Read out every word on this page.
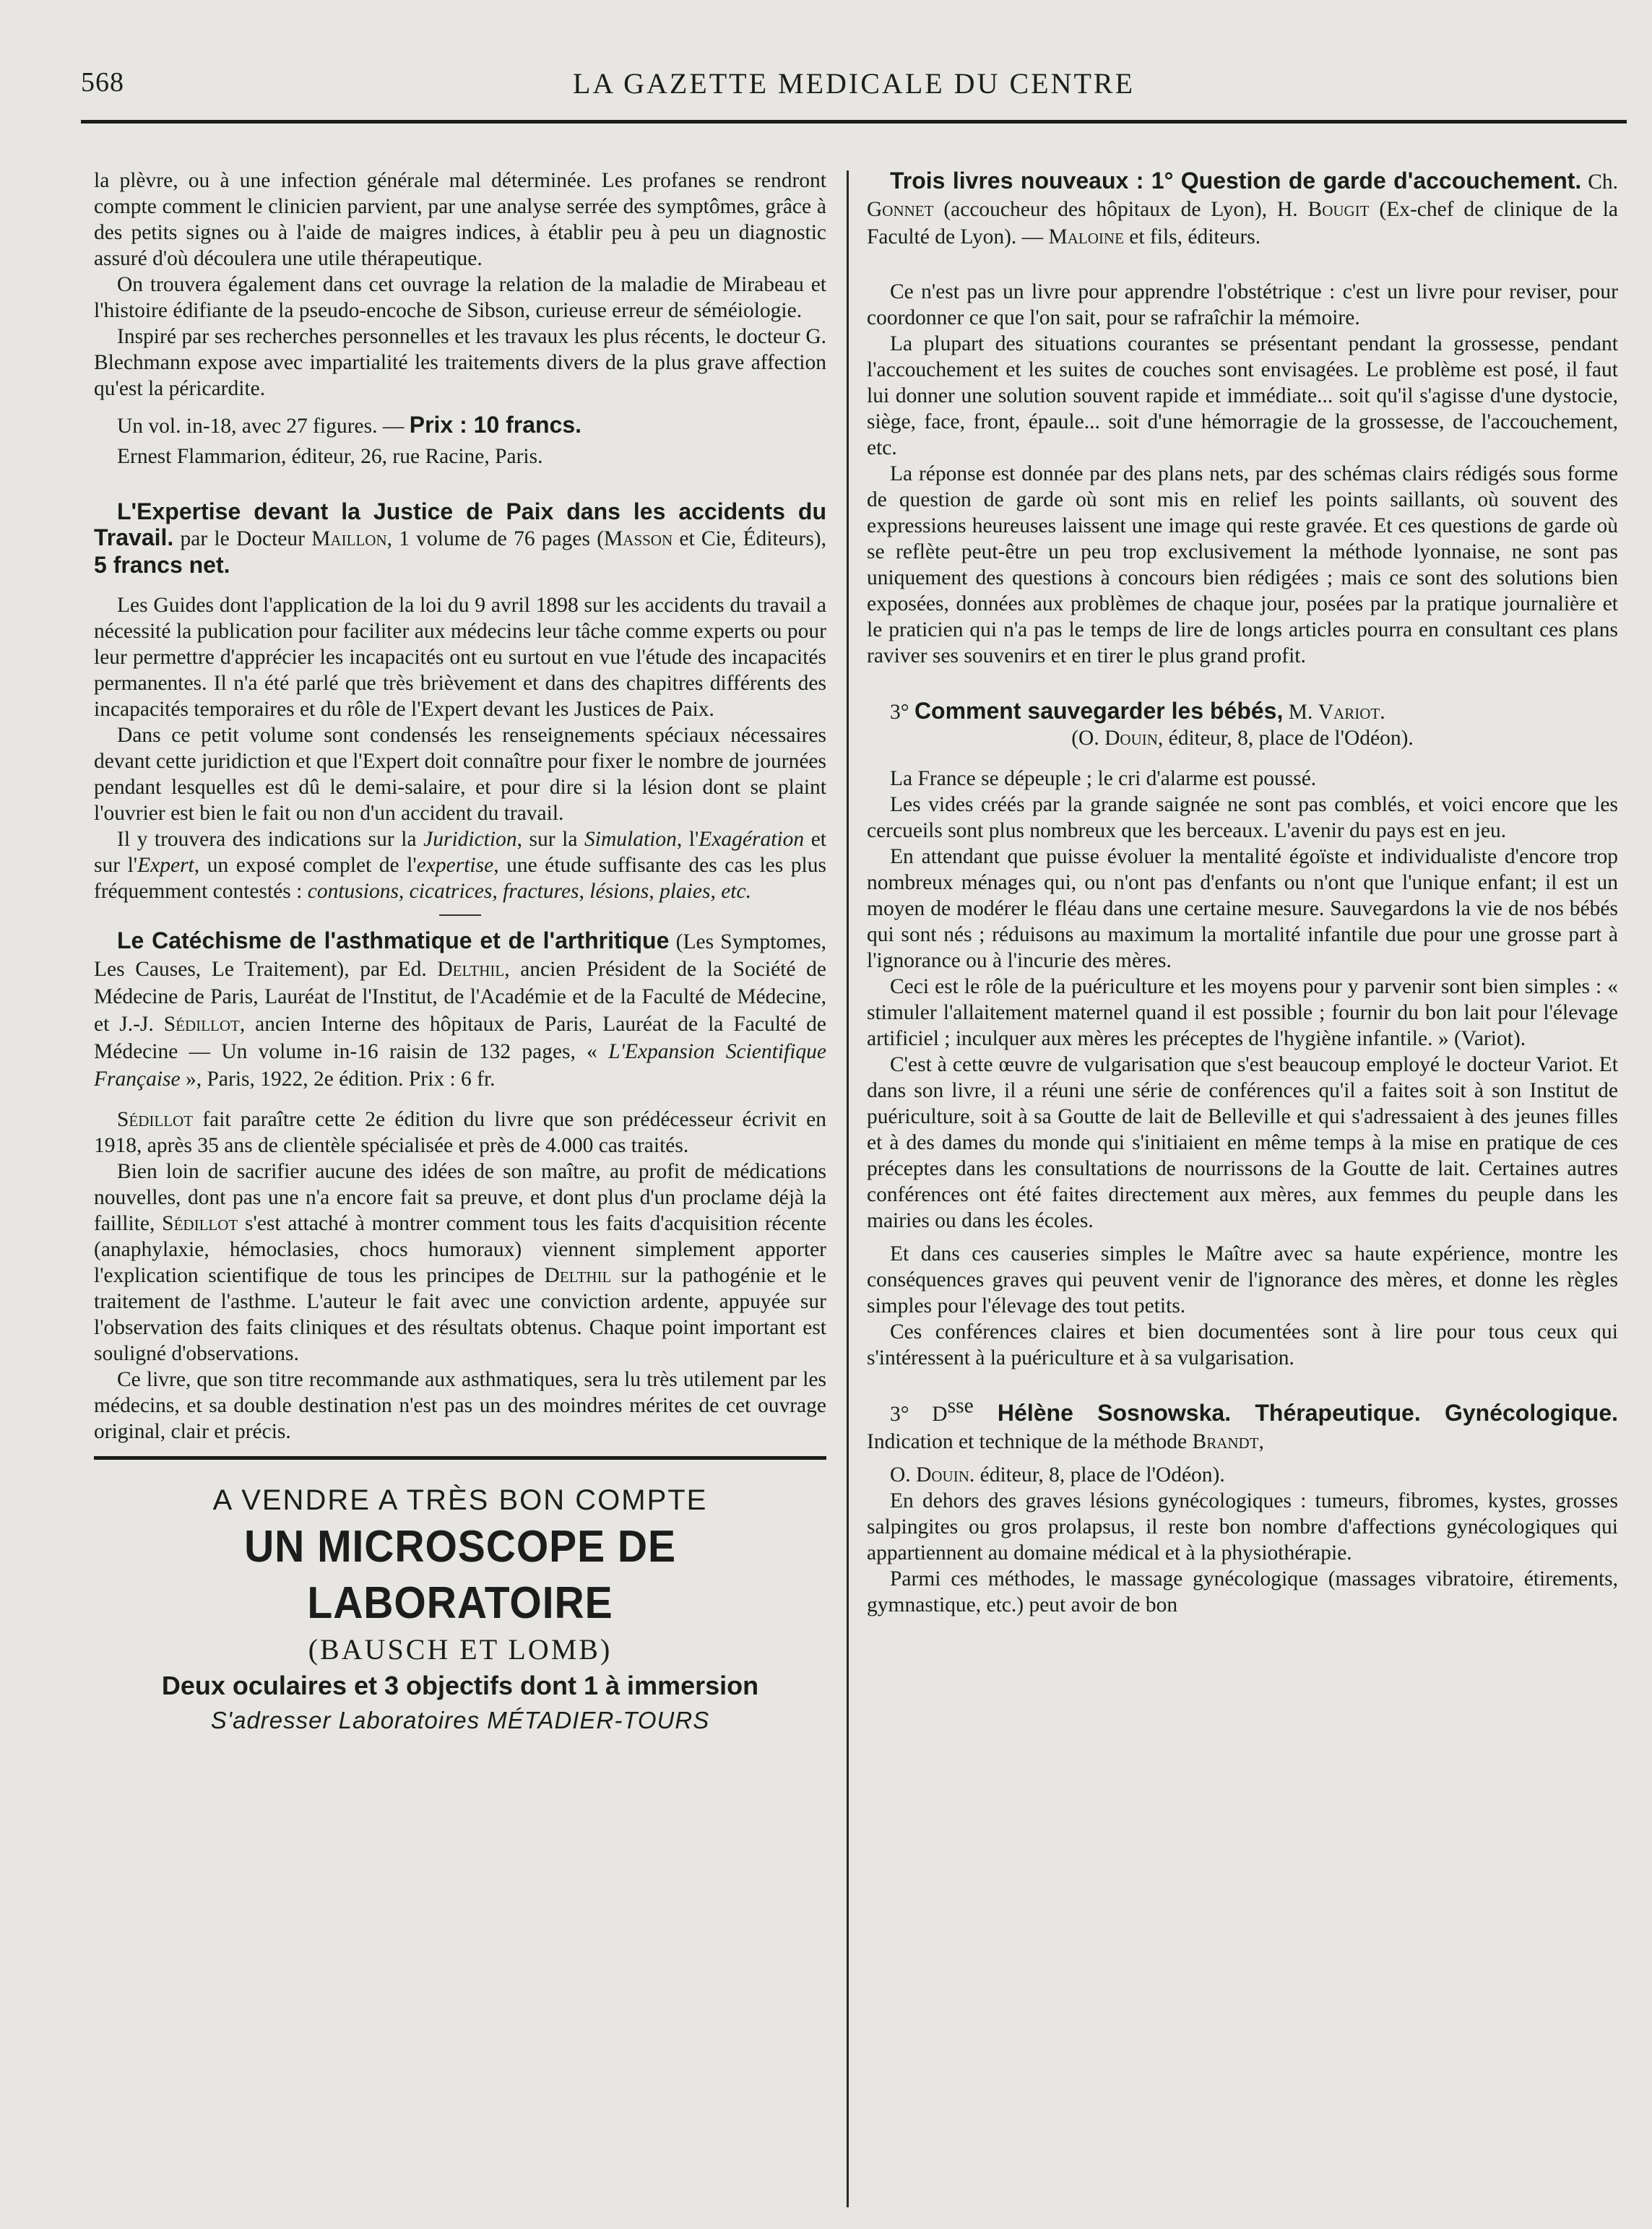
568	LA GAZETTE MEDICALE DU CENTRE

la plèvre, ou à une infection générale mal déterminée. Les profanes se rendront compte comment le clinicien parvient, par une analyse serrée des symptômes, grâce à des petits signes ou à l'aide de maigres indices, à établir peu à peu un diagnostic assuré d'où découlera une utile thérapeutique.

On trouvera également dans cet ouvrage la relation de la maladie de Mirabeau et l'histoire édifiante de la pseudo-encoche de Sibson, curieuse erreur de séméiologie.

Inspiré par ses recherches personnelles et les travaux les plus récents, le docteur G. Blechmann expose avec impartialité les traitements divers de la plus grave affection qu'est la péricardite.

Un vol. in-18, avec 27 figures. — Prix : 10 francs.

Ernest Flammarion, éditeur, 26, rue Racine, Paris.

L'Expertise devant la Justice de Paix dans les accidents du Travail. par le Docteur Maillon, 1 volume de 76 pages (Masson et Cie, Éditeurs), 5 francs net.

Les Guides dont l'application de la loi du 9 avril 1898 sur les accidents du travail a nécessité la publication pour faciliter aux médecins leur tâche comme experts ou pour leur permettre d'apprécier les incapacités ont eu surtout en vue l'étude des incapacités permanentes. Il n'a été parlé que très brièvement et dans des chapitres différents des incapacités temporaires et du rôle de l'Expert devant les Justices de Paix.

Dans ce petit volume sont condensés les renseignements spéciaux nécessaires devant cette juridiction et que l'Expert doit connaître pour fixer le nombre de journées pendant lesquelles est dû le demi-salaire, et pour dire si la lésion dont se plaint l'ouvrier est bien le fait ou non d'un accident du travail.

Il y trouvera des indications sur la Juridiction, sur la Simulation, l'Exagération et sur l'Expert, un exposé complet de l'expertise, une étude suffisante des cas les plus fréquemment contestés : contusions, cicatrices, fractures, lésions, plaies, etc.

Le Catéchisme de l'asthmatique et de l'arthritique (Les Symptomes, Les Causes, Le Traitement), par Ed. Delthil, ancien Président de la Société de Médecine de Paris, Lauréat de l'Institut, de l'Académie et de la Faculté de Médecine, et J.-J. Sédillot, ancien Interne des hôpitaux de Paris, Lauréat de la Faculté de Médecine — Un volume in-16 raisin de 132 pages, « L'Expansion Scientifique Française », Paris, 1922, 2e édition. Prix : 6 fr.

Sédillot fait paraître cette 2e édition du livre que son prédécesseur écrivit en 1918, après 35 ans de clientèle spécialisée et près de 4.000 cas traités.

Bien loin de sacrifier aucune des idées de son maître, au profit de médications nouvelles, dont pas une n'a encore fait sa preuve, et dont plus d'un proclame déjà la faillite, Sédillot s'est attaché à montrer comment tous les faits d'acquisition récente (anaphylaxie, hémoclasies, chocs humoraux) viennent simplement apporter l'explication scientifique de tous les principes de Delthil sur la pathogénie et le traitement de l'asthme. L'auteur le fait avec une conviction ardente, appuyée sur l'observation des faits cliniques et des résultats obtenus. Chaque point important est souligné d'observations.

Ce livre, que son titre recommande aux asthmatiques, sera lu très utilement par les médecins, et sa double destination n'est pas un des moindres mérites de cet ouvrage original, clair et précis.

A VENDRE A TRÈS BON COMPTE
UN MICROSCOPE DE LABORATOIRE
(BAUSCH ET LOMB)
Deux oculaires et 3 objectifs dont 1 à immersion
S'adresser Laboratoires MÉTADIER-TOURS

Trois livres nouveaux : 1° Question de garde d'accouchement. Ch. Gonnet (accoucheur des hôpitaux de Lyon), H. Bougit (Ex-chef de clinique de la Faculté de Lyon). — Maloine et fils, éditeurs.

Ce n'est pas un livre pour apprendre l'obstétrique : c'est un livre pour reviser, pour coordonner ce que l'on sait, pour se rafraîchir la mémoire.

La plupart des situations courantes se présentant pendant la grossesse, pendant l'accouchement et les suites de couches sont envisagées. Le problème est posé, il faut lui donner une solution souvent rapide et immédiate... soit qu'il s'agisse d'une dystocie, siège, face, front, épaule... soit d'une hémorragie de la grossesse, de l'accouchement, etc.

La réponse est donnée par des plans nets, par des schémas clairs rédigés sous forme de question de garde où sont mis en relief les points saillants, où souvent des expressions heureuses laissent une image qui reste gravée. Et ces questions de garde où se reflète peut-être un peu trop exclusivement la méthode lyonnaise, ne sont pas uniquement des questions à concours bien rédigées ; mais ce sont des solutions bien exposées, données aux problèmes de chaque jour, posées par la pratique journalière et le praticien qui n'a pas le temps de lire de longs articles pourra en consultant ces plans raviver ses souvenirs et en tirer le plus grand profit.

3° Comment sauvegarder les bébés, M. Variot.

(O. Douin, éditeur, 8, place de l'Odéon).

La France se dépeuple ; le cri d'alarme est poussé.

Les vides créés par la grande saignée ne sont pas comblés, et voici encore que les cercueils sont plus nombreux que les berceaux. L'avenir du pays est en jeu.

En attendant que puisse évoluer la mentalité égoïste et individualiste d'encore trop nombreux ménages qui, ou n'ont pas d'enfants ou n'ont que l'unique enfant; il est un moyen de modérer le fléau dans une certaine mesure. Sauvegardons la vie de nos bébés qui sont nés ; réduisons au maximum la mortalité infantile due pour une grosse part à l'ignorance ou à l'incurie des mères.

Ceci est le rôle de la puériculture et les moyens pour y parvenir sont bien simples : « stimuler l'allaitement maternel quand il est possible ; fournir du bon lait pour l'élevage artificiel ; inculquer aux mères les préceptes de l'hygiène infantile. » (Variot).

C'est à cette œuvre de vulgarisation que s'est beaucoup employé le docteur Variot. Et dans son livre, il a réuni une série de conférences qu'il a faites soit à son Institut de puériculture, soit à sa Goutte de lait de Belleville et qui s'adressaient à des jeunes filles et à des dames du monde qui s'initiaient en même temps à la mise en pratique de ces préceptes dans les consultations de nourrissons de la Goutte de lait. Certaines autres conférences ont été faites directement aux mères, aux femmes du peuple dans les mairies ou dans les écoles.

Et dans ces causeries simples le Maître avec sa haute expérience, montre les conséquences graves qui peuvent venir de l'ignorance des mères, et donne les règles simples pour l'élevage des tout petits.

Ces conférences claires et bien documentées sont à lire pour tous ceux qui s'intéressent à la puériculture et à sa vulgarisation.

3° $D^{sse}$ Hélène Sosnowska. Thérapeutique. Gynécologique. Indication et technique de la méthode Brandt,

O. Douin. éditeur, 8, place de l'Odéon).

En dehors des graves lésions gynécologiques : tumeurs, fibromes, kystes, grosses salpingites ou gros prolapsus, il reste bon nombre d'affections gynécologiques qui appartiennent au domaine médical et à la physiothérapie.

Parmi ces méthodes, le massage gynécologique (massages vibratoire, étirements, gymnastique, etc.) peut avoir de bon
